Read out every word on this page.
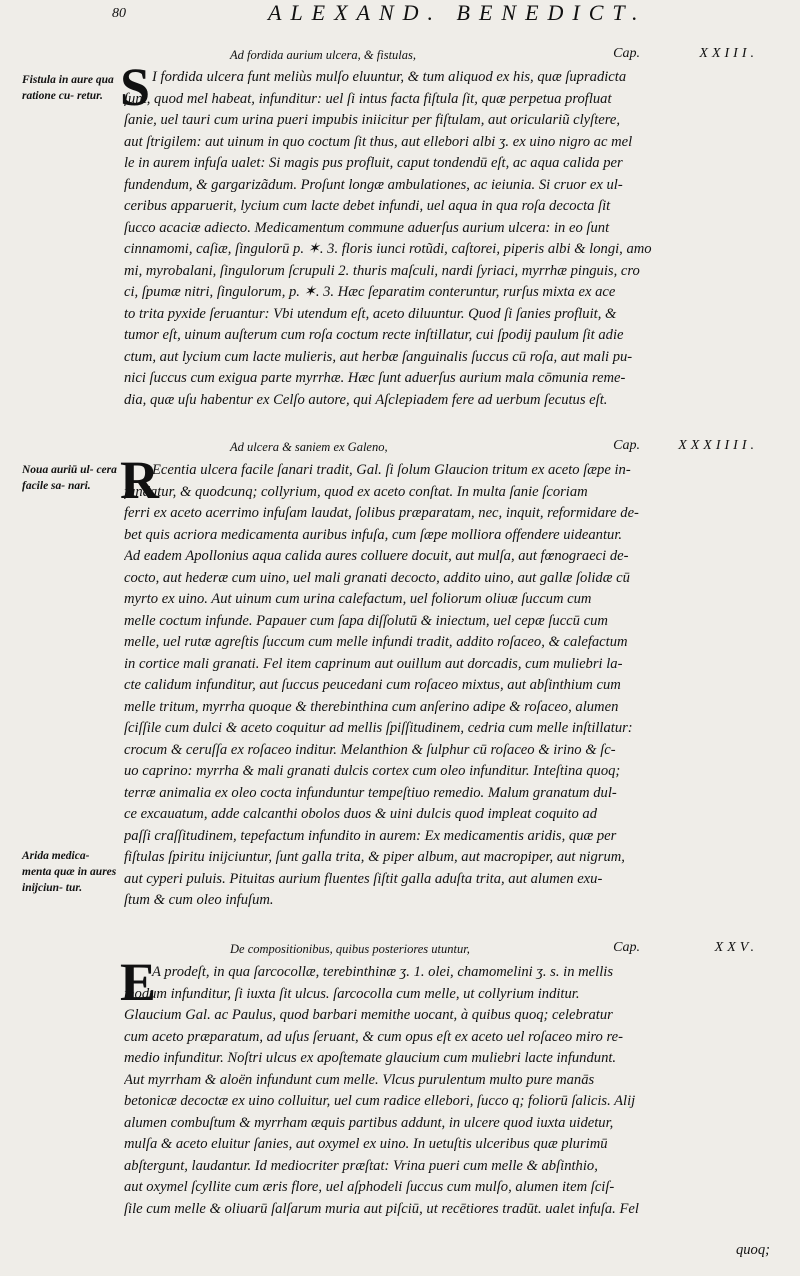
80	ALEXAND. BENEDICT.
Fistula in aure qua ratione cu- retur.
Noua auriū ul- cera facile sa- nari.
Arida medica- menta quæ in aures inijciun- tur.
Ad fordida aurium ulcera, & fistulas,	Cap.	XXIII.
S I fordida ulcera funt meliùs mulſo eluuntur, & tum aliquod ex his, quæ ſupradicta
ſunt, quod mel habeat, infunditur: uel ſi intus facta fiſtula ſit, quæ perpetua profluat
ſanie, uel tauri cum urina pueri impubis iniicitur per fiſtulam, aut oriculariũ clyſtere,
aut ſtrigilem: aut uinum in quo coctum ſit thus, aut ellebori albi ʒ. ex uino nigro ac mel
le in aurem infuſa ualet: Si magis pus profluit, caput tondendū eſt, ac aqua calida per
fundendum, & gargarizãdum. Proſunt longæ ambulationes, ac ieiunia. Si cruor ex ul-
ceribus apparuerit, lycium cum lacte debet infundi, uel aqua in qua roſa decocta ſit
ſucco acaciæ adiecto. Medicamentum commune aduerſus aurium ulcera: in eo ſunt
cinnamomi, caſiæ, ſingulorū p. ✶. 3. floris iunci rotũdi, caſtorei, piperis albi & longi, amo
mi, myrobalani, ſingulorum ſcrupuli 2. thuris maſculi, nardi ſyriaci, myrrhæ pinguis, cro
ci, ſpumæ nitri, ſingulorum, p. ✶. 3. Hæc ſeparatim conteruntur, rurſus mixta ex ace
to trita pyxide ſeruantur: Vbi utendum eſt, aceto diluuntur. Quod ſi ſanies profluit, &
tumor eſt, uinum auſterum cum roſa coctum recte inſtillatur, cui ſpodij paulum ſit adie
ctum, aut lycium cum lacte mulieris, aut herbæ ſanguinalis ſuccus cū roſa, aut mali pu-
nici ſuccus cum exigua parte myrrhæ. Hæc ſunt aduerſus aurium mala cōmunia reme-
dia, quæ uſu habentur ex Celſo autore, qui Aſclepiadem fere ad uerbum ſecutus eſt.
Ad ulcera & saniem ex Galeno,	Cap.	XXXIIII.
R
Ecentia ulcera facile ſanari tradit, Gal. ſi ſolum Glaucion tritum ex aceto ſæpe in-
fundatur, & quodcunq; collyrium, quod ex aceto conſtat. In multa ſanie ſcoriam
ferri ex aceto acerrimo infuſam laudat, ſolibus præparatam, nec, inquit, reformidare de-
bet quis acriora medicamenta auribus infuſa, cum ſæpe molliora offendere uideantur.
Ad eadem Apollonius aqua calida aures colluere docuit, aut mulſa, aut fœnograeci de-
cocto, aut hederæ cum uino, uel mali granati decocto, addito uino, aut gallæ ſolidæ cū
myrto ex uino. Aut uinum cum urina calefactum, uel foliorum oliuæ ſuccum cum
melle coctum infunde. Papauer cum ſapa diſſolutū & iniectum, uel cepæ ſuccū cum
melle, uel rutæ agreſtis ſuccum cum melle infundi tradit, addito roſaceo, & calefactum
in cortice mali granati. Fel item caprinum aut ouillum aut dorcadis, cum muliebri la-
cte calidum infunditur, aut ſuccus peucedani cum roſaceo mixtus, aut abſinthium cum
melle tritum, myrrha quoque & therebinthina cum anſerino adipe & roſaceo, alumen
ſciſſile cum dulci & aceto coquitur ad mellis ſpiſſitudinem, cedria cum melle inſtillatur:
crocum & ceruſſa ex roſaceo inditur. Melanthion & ſulphur cū roſaceo & irino & ſc-
uo caprino: myrrha & mali granati dulcis cortex cum oleo infunditur. Inteſtina quoq;
terræ animalia ex oleo cocta infunduntur tempeſtiuo remedio. Malum granatum dul-
ce excauatum, adde calcanthi obolos duos & uini dulcis quod impleat coquito ad
paſſi craſſitudinem, tepefactum infundito in aurem: Ex medicamentis aridis, quæ per
fiſtulas ſpiritu inijciuntur, ſunt galla trita, & piper album, aut macropiper, aut nigrum,
aut cyperi puluis. Pituitas aurium fluentes ſiſtit galla aduſta trita, aut alumen exu-
ſtum & cum oleo infuſum.
De compositionibus, quibus posteriores utuntur,	Cap.	XXV.
E
A prodeſt, in qua ſarcocollæ, terebinthinæ ʒ. 1. olei, chamomelini ʒ. s. in mellis
modum infunditur, ſi iuxta ſit ulcus. ſarcocolla cum melle, ut collyrium inditur.
Glaucium Gal. ac Paulus, quod barbari memithe uocant, à quibus quoq; celebratur
cum aceto præparatum, ad uſus ſeruant, & cum opus eſt ex aceto uel roſaceo miro re-
medio infunditur. Noſtri ulcus ex apoſtemate glaucium cum muliebri lacte infundunt.
Aut myrrham & aloën infundunt cum melle. Vlcus purulentum multo pure manās
betonicæ decoctæ ex uino colluitur, uel cum radice ellebori, ſucco q; foliorū ſalicis. Alij
alumen combuſtum & myrrham æquis partibus addunt, in ulcere quod iuxta uidetur,
mulſa & aceto eluitur ſanies, aut oxymel ex uino. In uetuſtis ulceribus quæ plurimū
abſtergunt, laudantur. Id mediocriter præſtat: Vrina pueri cum melle & abſinthio,
aut oxymel ſcyllite cum æris flore, uel aſphodeli ſuccus cum mulſo, alumen item ſciſ-
ſile cum melle & oliuarū ſalſarum muria aut piſciū, ut recētiores tradūt. ualet infuſa. Fel
quoq;
